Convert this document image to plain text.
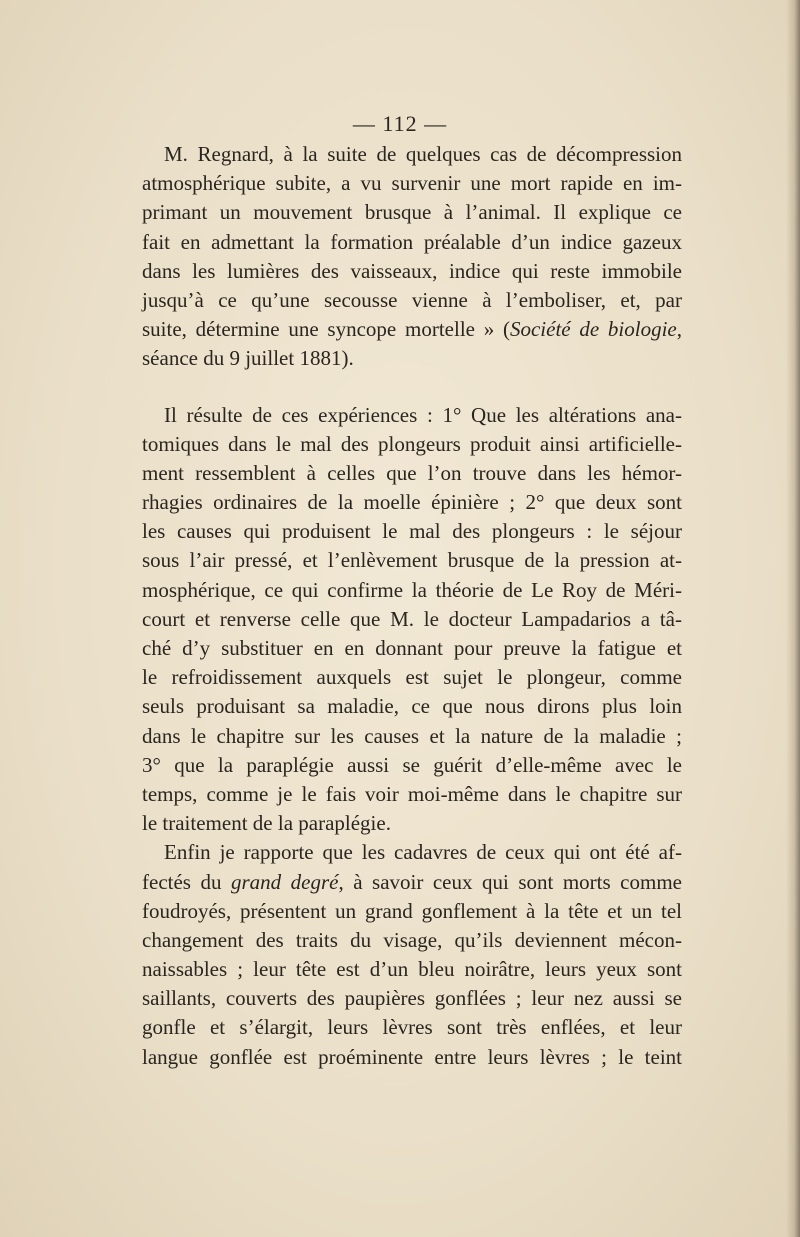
— 112 —
M. Regnard, à la suite de quelques cas de décompression
atmosphérique subite, a vu survenir une mort rapide en im-
primant un mouvement brusque à l’animal. Il explique ce
fait en admettant la formation préalable d’un indice gazeux
dans les lumières des vaisseaux, indice qui reste immobile
jusqu’à ce qu’une secousse vienne à l’emboliser, et, par
suite, détermine une syncope mortelle » (Société de biologie,
séance du 9 juillet 1881).
Il résulte de ces expériences : 1° Que les altérations ana-
tomiques dans le mal des plongeurs produit ainsi artificielle-
ment ressemblent à celles que l’on trouve dans les hémor-
rhagies ordinaires de la moelle épinière ; 2° que deux sont
les causes qui produisent le mal des plongeurs : le séjour
sous l’air pressé, et l’enlèvement brusque de la pression at-
mosphérique, ce qui confirme la théorie de Le Roy de Méri-
court et renverse celle que M. le docteur Lampadarios a tâ-
ché d’y substituer en en donnant pour preuve la fatigue et
le refroidissement auxquels est sujet le plongeur, comme
seuls produisant sa maladie, ce que nous dirons plus loin
dans le chapitre sur les causes et la nature de la maladie ;
3° que la paraplégie aussi se guérit d’elle-même avec le
temps, comme je le fais voir moi-même dans le chapitre sur
le traitement de la paraplégie.
Enfin je rapporte que les cadavres de ceux qui ont été af-
fectés du grand degré, à savoir ceux qui sont morts comme
foudroyés, présentent un grand gonflement à la tête et un tel
changement des traits du visage, qu’ils deviennent mécon-
naissables ; leur tête est d’un bleu noirâtre, leurs yeux sont
saillants, couverts des paupières gonflées ; leur nez aussi se
gonfle et s’élargit, leurs lèvres sont très enflées, et leur
langue gonflée est proéminente entre leurs lèvres ; le teint
